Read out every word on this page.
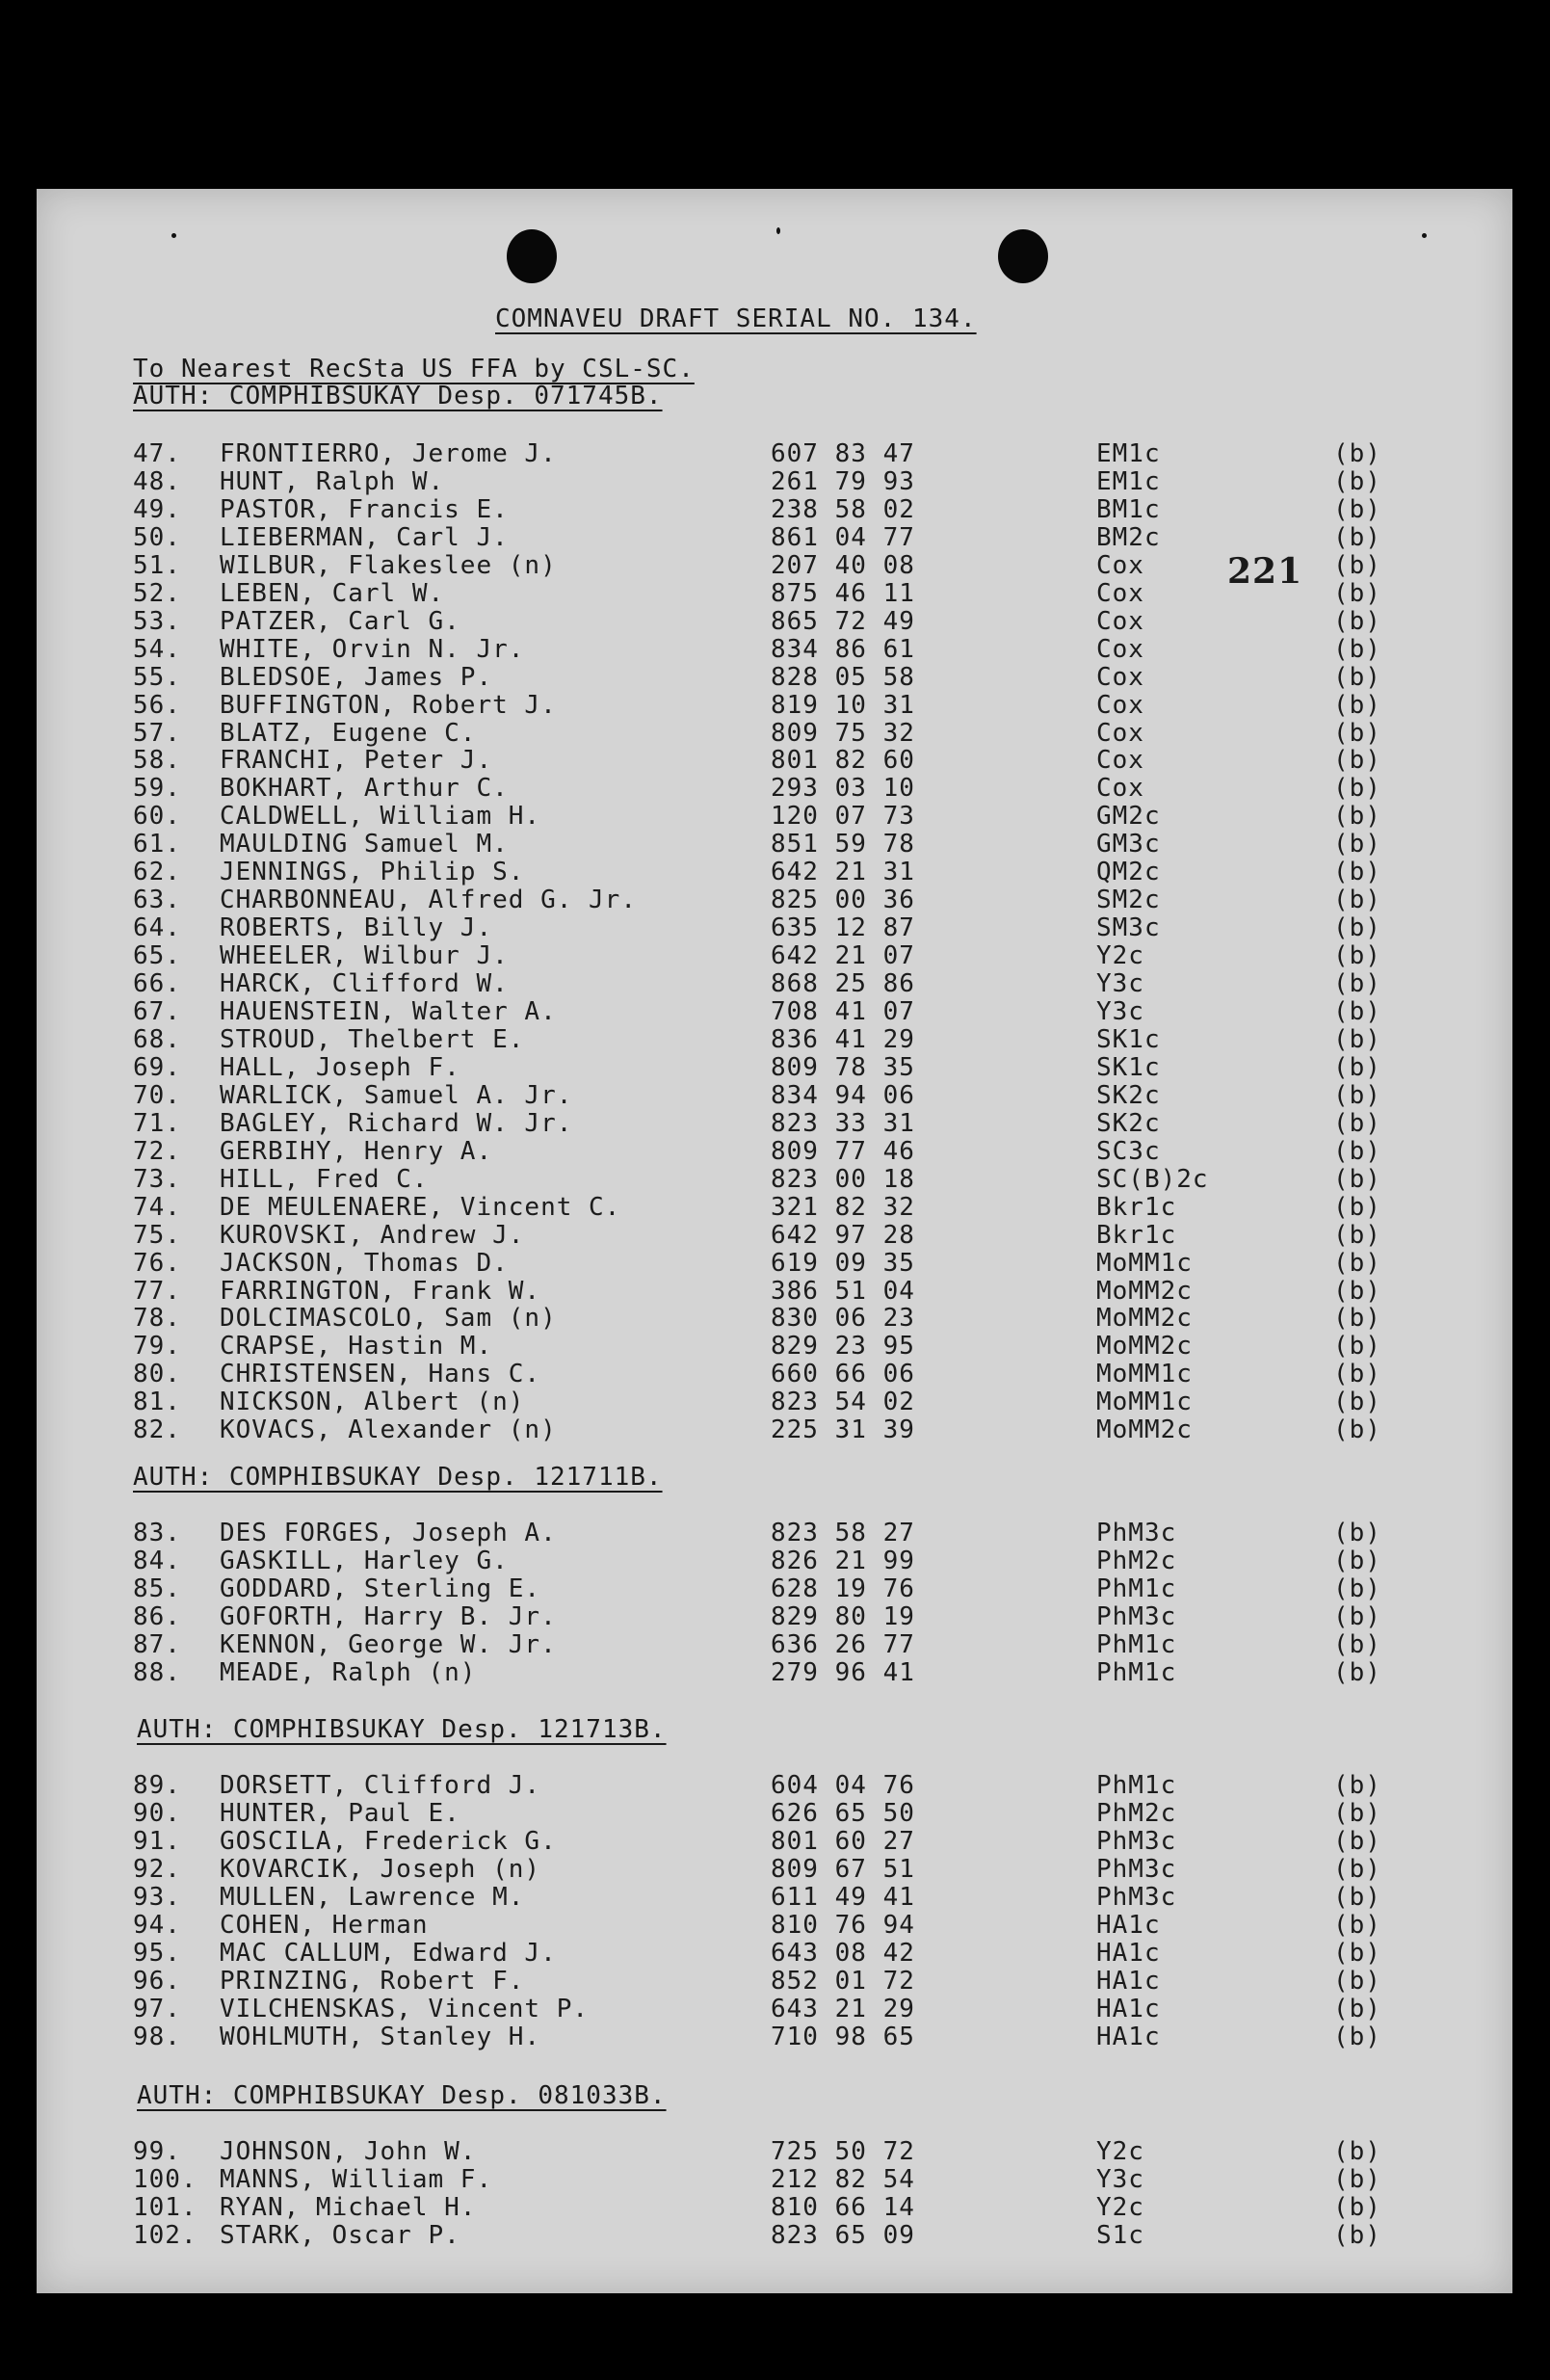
COMNAVEU DRAFT SERIAL NO. 134.
To Nearest RecSta US FFA by CSL-SC.
AUTH: COMPHIBSUKAY Desp. 071745B.
221
47. FRONTIERRO, Jerome J.	607 83 47	EM1c	(b)
48. HUNT, Ralph W.	261 79 93	EM1c	(b)
49. PASTOR, Francis E.	238 58 02	BM1c	(b)
50. LIEBERMAN, Carl J.	861 04 77	BM2c	(b)
51. WILBUR, Flakeslee (n)	207 40 08	Cox	(b)
52. LEBEN, Carl W.	875 46 11	Cox	(b)
53. PATZER, Carl G.	865 72 49	Cox	(b)
54. WHITE, Orvin N. Jr.	834 86 61	Cox	(b)
55. BLEDSOE, James P.	828 05 58	Cox	(b)
56. BUFFINGTON, Robert J.	819 10 31	Cox	(b)
57. BLATZ, Eugene C.	809 75 32	Cox	(b)
58. FRANCHI, Peter J.	801 82 60	Cox	(b)
59. BOKHART, Arthur C.	293 03 10	Cox	(b)
60. CALDWELL, William H.	120 07 73	GM2c	(b)
61. MAULDING Samuel M.	851 59 78	GM3c	(b)
62. JENNINGS, Philip S.	642 21 31	QM2c	(b)
63. CHARBONNEAU, Alfred G. Jr.	825 00 36	SM2c	(b)
64. ROBERTS, Billy J.	635 12 87	SM3c	(b)
65. WHEELER, Wilbur J.	642 21 07	Y2c	(b)
66. HARCK, Clifford W.	868 25 86	Y3c	(b)
67. HAUENSTEIN, Walter A.	708 41 07	Y3c	(b)
68. STROUD, Thelbert E.	836 41 29	SK1c	(b)
69. HALL, Joseph F.	809 78 35	SK1c	(b)
70. WARLICK, Samuel A. Jr.	834 94 06	SK2c	(b)
71. BAGLEY, Richard W. Jr.	823 33 31	SK2c	(b)
72. GERBIHY, Henry A.	809 77 46	SC3c	(b)
73. HILL, Fred C.	823 00 18	SC(B)2c	(b)
74. DE MEULENAERE, Vincent C.	321 82 32	Bkr1c	(b)
75. KUROVSKI, Andrew J.	642 97 28	Bkr1c	(b)
76. JACKSON, Thomas D.	619 09 35	MoMM1c	(b)
77. FARRINGTON, Frank W.	386 51 04	MoMM2c	(b)
78. DOLCIMASCOLO, Sam (n)	830 06 23	MoMM2c	(b)
79. CRAPSE, Hastin M.	829 23 95	MoMM2c	(b)
80. CHRISTENSEN, Hans C.	660 66 06	MoMM1c	(b)
81. NICKSON, Albert (n)	823 54 02	MoMM1c	(b)
82. KOVACS, Alexander (n)	225 31 39	MoMM2c	(b)
AUTH: COMPHIBSUKAY Desp. 121711B.
83. DES FORGES, Joseph A.	823 58 27	PhM3c	(b)
84. GASKILL, Harley G.	826 21 99	PhM2c	(b)
85. GODDARD, Sterling E.	628 19 76	PhM1c	(b)
86. GOFORTH, Harry B. Jr.	829 80 19	PhM3c	(b)
87. KENNON, George W. Jr.	636 26 77	PhM1c	(b)
88. MEADE, Ralph (n)	279 96 41	PhM1c	(b)
AUTH: COMPHIBSUKAY Desp. 121713B.
89. DORSETT, Clifford J.	604 04 76	PhM1c	(b)
90. HUNTER, Paul E.	626 65 50	PhM2c	(b)
91. GOSCILA, Frederick G.	801 60 27	PhM3c	(b)
92. KOVARCIK, Joseph (n)	809 67 51	PhM3c	(b)
93. MULLEN, Lawrence M.	611 49 41	PhM3c	(b)
94. COHEN, Herman	810 76 94	HA1c	(b)
95. MAC CALLUM, Edward J.	643 08 42	HA1c	(b)
96. PRINZING, Robert F.	852 01 72	HA1c	(b)
97. VILCHENSKAS, Vincent P.	643 21 29	HA1c	(b)
98. WOHLMUTH, Stanley H.	710 98 65	HA1c	(b)
AUTH: COMPHIBSUKAY Desp. 081033B.
99. JOHNSON, John W.	725 50 72	Y2c	(b)
100. MANNS, William F.	212 82 54	Y3c	(b)
101. RYAN, Michael H.	810 66 14	Y2c	(b)
102. STARK, Oscar P.	823 65 09	S1c	(b)
